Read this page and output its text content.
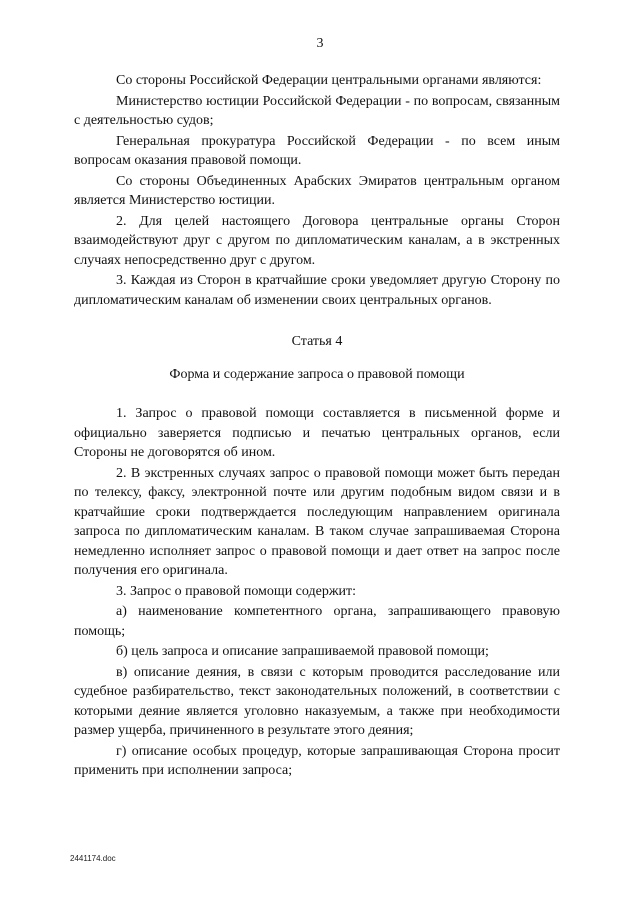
3

Со стороны Российской Федерации центральными органами являются:

Министерство юстиции Российской Федерации - по вопросам, связанным с деятельностью судов;

Генеральная прокуратура Российской Федерации - по всем иным вопросам оказания правовой помощи.

Со стороны Объединенных Арабских Эмиратов центральным органом является Министерство юстиции.

2. Для целей настоящего Договора центральные органы Сторон взаимодействуют друг с другом по дипломатическим каналам, а в экстренных случаях непосредственно друг с другом.

3. Каждая из Сторон в кратчайшие сроки уведомляет другую Сторону по дипломатическим каналам об изменении своих центральных органов.

Статья 4

Форма и содержание запроса о правовой помощи

1. Запрос о правовой помощи составляется в письменной форме и официально заверяется подписью и печатью центральных органов, если Стороны не договорятся об ином.

2. В экстренных случаях запрос о правовой помощи может быть передан по телексу, факсу, электронной почте или другим подобным видом связи и в кратчайшие сроки подтверждается последующим направлением оригинала запроса по дипломатическим каналам. В таком случае запрашиваемая Сторона немедленно исполняет запрос о правовой помощи и дает ответ на запрос после получения его оригинала.

3. Запрос о правовой помощи содержит:

а) наименование компетентного органа, запрашивающего правовую помощь;

б) цель запроса и описание запрашиваемой правовой помощи;

в) описание деяния, в связи с которым проводится расследование или судебное разбирательство, текст законодательных положений, в соответствии с которыми деяние является уголовно наказуемым, а также при необходимости размер ущерба, причиненного в результате этого деяния;

г) описание особых процедур, которые запрашивающая Сторона просит применить при исполнении запроса;

2441174.doc
